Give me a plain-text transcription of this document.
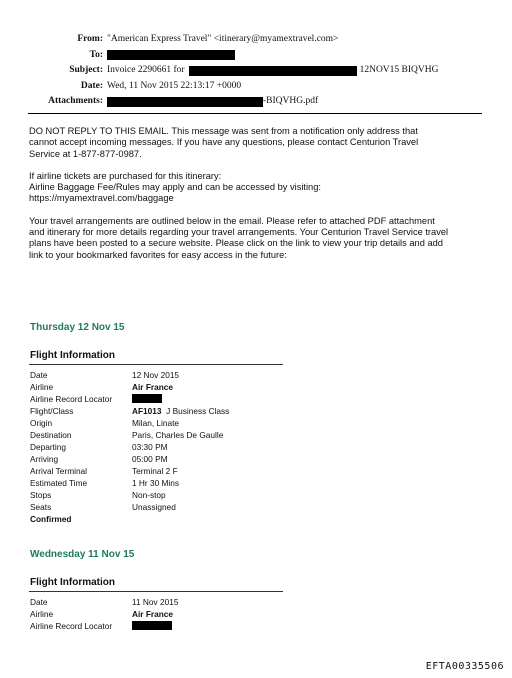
From: "American Express Travel" <itinerary@myamextravel.com>
To:
Subject: Invoice 2290661 for	12NOV15 BIQVHG
Date: Wed, 11 Nov 2015 22:13:17 +0000
Attachments:	-BIQVHG.pdf

DO NOT REPLY TO THIS EMAIL. This message was sent from a notification only address that
cannot accept incoming messages. If you have any questions, please contact Centurion Travel
Service at 1-877-877-0987.

If airline tickets are purchased for this itinerary:
Airline Baggage Fee/Rules may apply and can be accessed by visiting:
https://myamextravel.com/baggage

Your travel arrangements are outlined below in the email. Please refer to attached PDF attachment
and itinerary for more details regarding your travel arrangements. Your Centurion Travel Service travel
plans have been posted to a secure website. Please click on the link to view your trip details and add
link to your bookmarked favorites for easy access in the future:

Thursday 12 Nov 15
Flight Information
Date	12 Nov 2015
Airline	Air France
Airline Record Locator
Flight/Class	AF1013 J Business Class
Origin	Milan, Linate
Destination	Paris, Charles De Gaulle
Departing	03:30 PM
Arriving	05:00 PM
Arrival Terminal	Terminal 2 F
Estimated Time	1 Hr 30 Mins
Stops	Non-stop
Seats	Unassigned
Confirmed
Wednesday 11 Nov 15
Flight Information
Date	11 Nov 2015
Airline	Air France
Airline Record Locator
EFTA00335506
